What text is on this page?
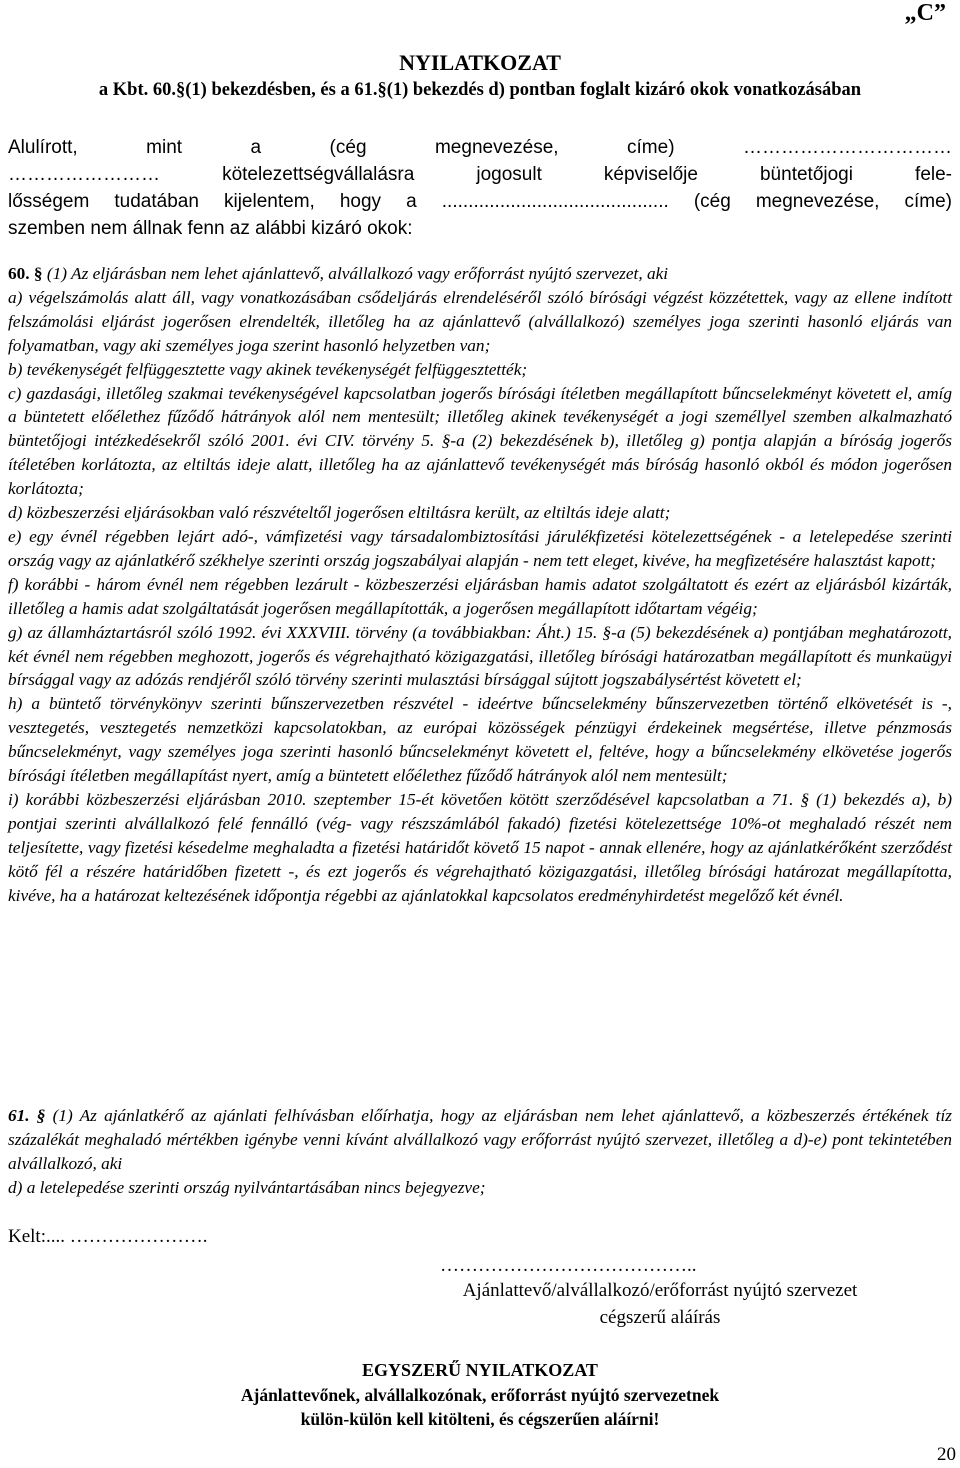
„C”
NYILATKOZAT
a Kbt. 60.§(1) bekezdésben, és a 61.§(1) bekezdés d) pontban foglalt kizáró okok vonatkozásában

Alulírott, mint a (cég megnevezése, címe) ……………………………

…………………… kötelezettségvállalásra jogosult képviselője büntetőjogi fele-

lősségem tudatában kijelentem, hogy a ........................................... (cég megnevezése, címe)

szemben nem állnak fenn az alábbi kizáró okok:

60. § (1) Az eljárásban nem lehet ajánlattevő, alvállalkozó vagy erőforrást nyújtó szervezet, aki

a) végelszámolás alatt áll, vagy vonatkozásában csődeljárás elrendeléséről szóló bírósági végzést közzétettek, vagy az ellene indított felszámolási eljárást jogerősen elrendelték, illetőleg ha az ajánlattevő (alvállalkozó) személyes joga szerinti hasonló eljárás van folyamatban, vagy aki személyes joga szerint hasonló helyzetben van;

b) tevékenységét felfüggesztette vagy akinek tevékenységét felfüggesztették;

c) gazdasági, illetőleg szakmai tevékenységével kapcsolatban jogerős bírósági ítéletben megállapított bűncselekményt követett el, amíg a büntetett előélethez fűződő hátrányok alól nem mentesült; illetőleg akinek tevékenységét a jogi személlyel szemben alkalmazható büntetőjogi intézkedésekről szóló 2001. évi CIV. törvény 5. §-a (2) bekezdésének b), illetőleg g) pontja alapján a bíróság jogerős ítéletében korlátozta, az eltiltás ideje alatt, illetőleg ha az ajánlattevő tevékenységét más bíróság hasonló okból és módon jogerősen korlátozta;

d) közbeszerzési eljárásokban való részvételtől jogerősen eltiltásra került, az eltiltás ideje alatt;

e) egy évnél régebben lejárt adó-, vámfizetési vagy társadalombiztosítási járulékfizetési kötelezettségének - a letelepedése szerinti ország vagy az ajánlatkérő székhelye szerinti ország jogszabályai alapján - nem tett eleget, kivéve, ha megfizetésére halasztást kapott;

f) korábbi - három évnél nem régebben lezárult - közbeszerzési eljárásban hamis adatot szolgáltatott és ezért az eljárásból kizárták, illetőleg a hamis adat szolgáltatását jogerősen megállapították, a jogerősen megállapított időtartam végéig;

g) az államháztartásról szóló 1992. évi XXXVIII. törvény (a továbbiakban: Áht.) 15. §-a (5) bekezdésének a) pontjában meghatározott, két évnél nem régebben meghozott, jogerős és végrehajtható közigazgatási, illetőleg bírósági határozatban megállapított és munkaügyi bírsággal vagy az adózás rendjéről szóló törvény szerinti mulasztási bírsággal sújtott jogszabálysértést követett el;

h) a büntető törvénykönyv szerinti bűnszervezetben részvétel - ideértve bűncselekmény bűnszervezetben történő elkövetését is -, vesztegetés, vesztegetés nemzetközi kapcsolatokban, az európai közösségek pénzügyi érdekeinek megsértése, illetve pénzmosás bűncselekményt, vagy személyes joga szerinti hasonló bűncselekményt követett el, feltéve, hogy a bűncselekmény elkövetése jogerős bírósági ítéletben megállapítást nyert, amíg a büntetett előélethez fűződő hátrányok alól nem mentesült;

i) korábbi közbeszerzési eljárásban 2010. szeptember 15-ét követően kötött szerződésével kapcsolatban a 71. § (1) bekezdés a), b) pontjai szerinti alvállalkozó felé fennálló (vég- vagy részszámlából fakadó) fizetési kötelezettsége 10%-ot meghaladó részét nem teljesítette, vagy fizetési késedelme meghaladta a fizetési határidőt követő 15 napot - annak ellenére, hogy az ajánlatkérőként szerződést kötő fél a részére határidőben fizetett -, és ezt jogerős és végrehajtható közigazgatási, illetőleg bírósági határozat megállapította, kivéve, ha a határozat keltezésének időpontja régebbi az ajánlatokkal kapcsolatos eredményhirdetést megelőző két évnél.

61. § (1) Az ajánlatkérő az ajánlati felhívásban előírhatja, hogy az eljárásban nem lehet ajánlattevő, a közbeszerzés értékének tíz százalékát meghaladó mértékben igénybe venni kívánt alvállalkozó vagy erőforrást nyújtó szervezet, illetőleg a d)-e) pont tekintetében alvállalkozó, aki

d) a letelepedése szerinti ország nyilvántartásában nincs bejegyezve;

Kelt:.... ………………….
…………………………………..
Ajánlattevő/alvállalkozó/erőforrást nyújtó szervezet
cégszerű aláírás
EGYSZERŰ NYILATKOZAT
Ajánlattevőnek, alvállalkozónak, erőforrást nyújtó szervezetnek
külön-külön kell kitölteni, és cégszerűen aláírni!
20
